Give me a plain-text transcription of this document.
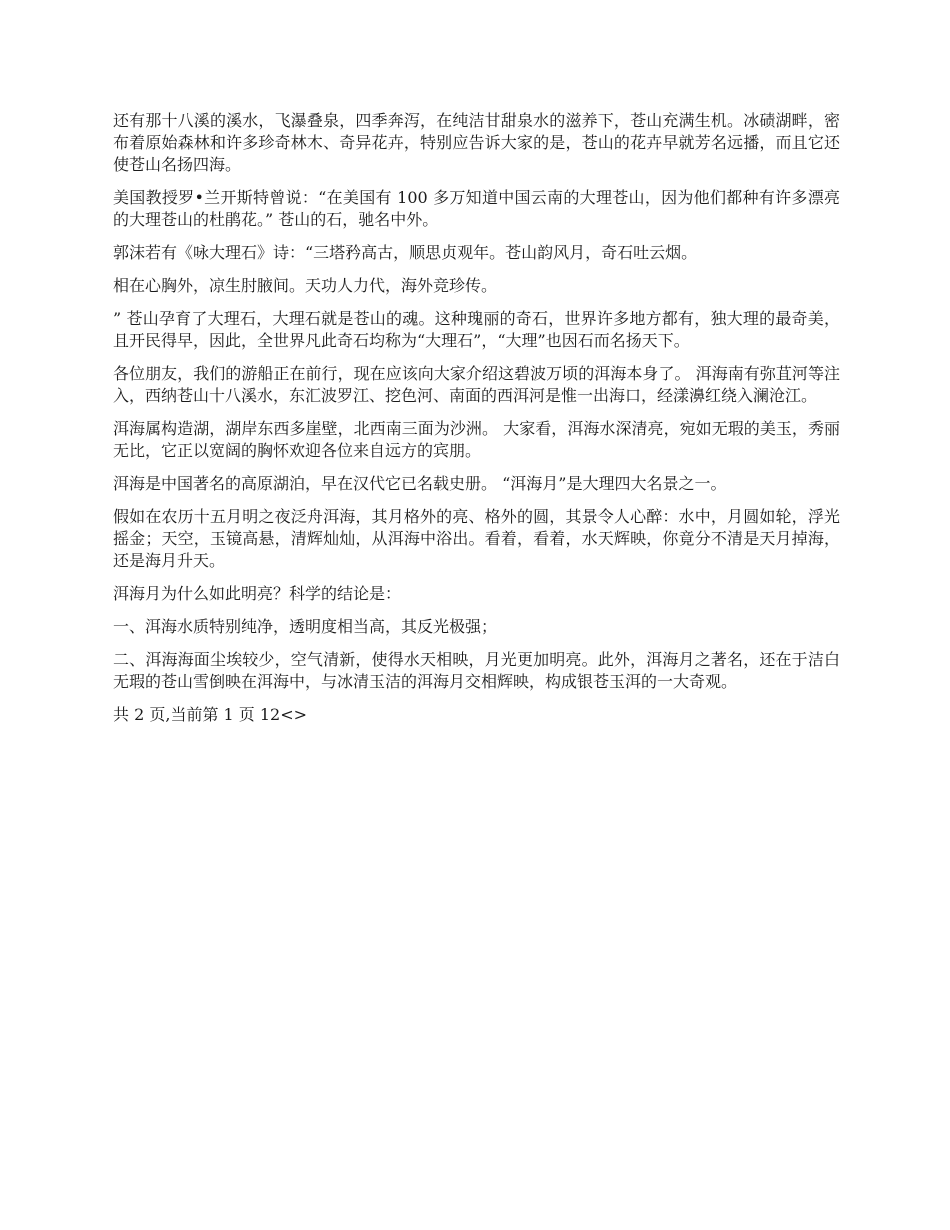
还有那十八溪的溪水，飞瀑叠泉，四季奔泻，在纯洁甘甜泉水的滋养下，苍山充满生机。冰碛湖畔，密布着原始森林和许多珍奇林木、奇异花卉，特别应告诉大家的是，苍山的花卉早就芳名远播，而且它还使苍山名扬四海。

美国教授罗•兰开斯特曾说：“在美国有 100 多万知道中国云南的大理苍山，因为他们都种有许多漂亮的大理苍山的杜鹃花。” 苍山的石，驰名中外。

郭沫若有《咏大理石》诗：“三塔矜高古，顺思贞观年。苍山韵风月，奇石吐云烟。

相在心胸外，凉生肘腋间。天功人力代，海外竞珍传。

” 苍山孕育了大理石，大理石就是苍山的魂。这种瑰丽的奇石，世界许多地方都有，独大理的最奇美，且开民得早，因此，全世界凡此奇石均称为“大理石”，“大理”也因石而名扬天下。

各位朋友，我们的游船正在前行，现在应该向大家介绍这碧波万顷的洱海本身了。 洱海南有弥苴河等注入，西纳苍山十八溪水，东汇波罗江、挖色河、南面的西洱河是惟一出海口，经漾濞红绕入澜沧江。

洱海属构造湖，湖岸东西多崖壁，北西南三面为沙洲。 大家看，洱海水深清亮，宛如无瑕的美玉，秀丽无比，它正以宽阔的胸怀欢迎各位来自远方的宾朋。

洱海是中国著名的高原湖泊，早在汉代它已名载史册。 “洱海月”是大理四大名景之一。

假如在农历十五月明之夜泛舟洱海，其月格外的亮、格外的圆，其景令人心醉：水中，月圆如轮，浮光摇金；天空，玉镜高悬，清辉灿灿，从洱海中浴出。看着，看着，水天辉映，你竟分不清是天月掉海，还是海月升天。

洱海月为什么如此明亮？科学的结论是：

一、洱海水质特别纯净，透明度相当高，其反光极强；

二、洱海海面尘埃较少，空气清新，使得水天相映，月光更加明亮。此外，洱海月之著名，还在于洁白无瑕的苍山雪倒映在洱海中，与冰清玉洁的洱海月交相辉映，构成银苍玉洱的一大奇观。

共 2 页,当前第 1 页 12<>
